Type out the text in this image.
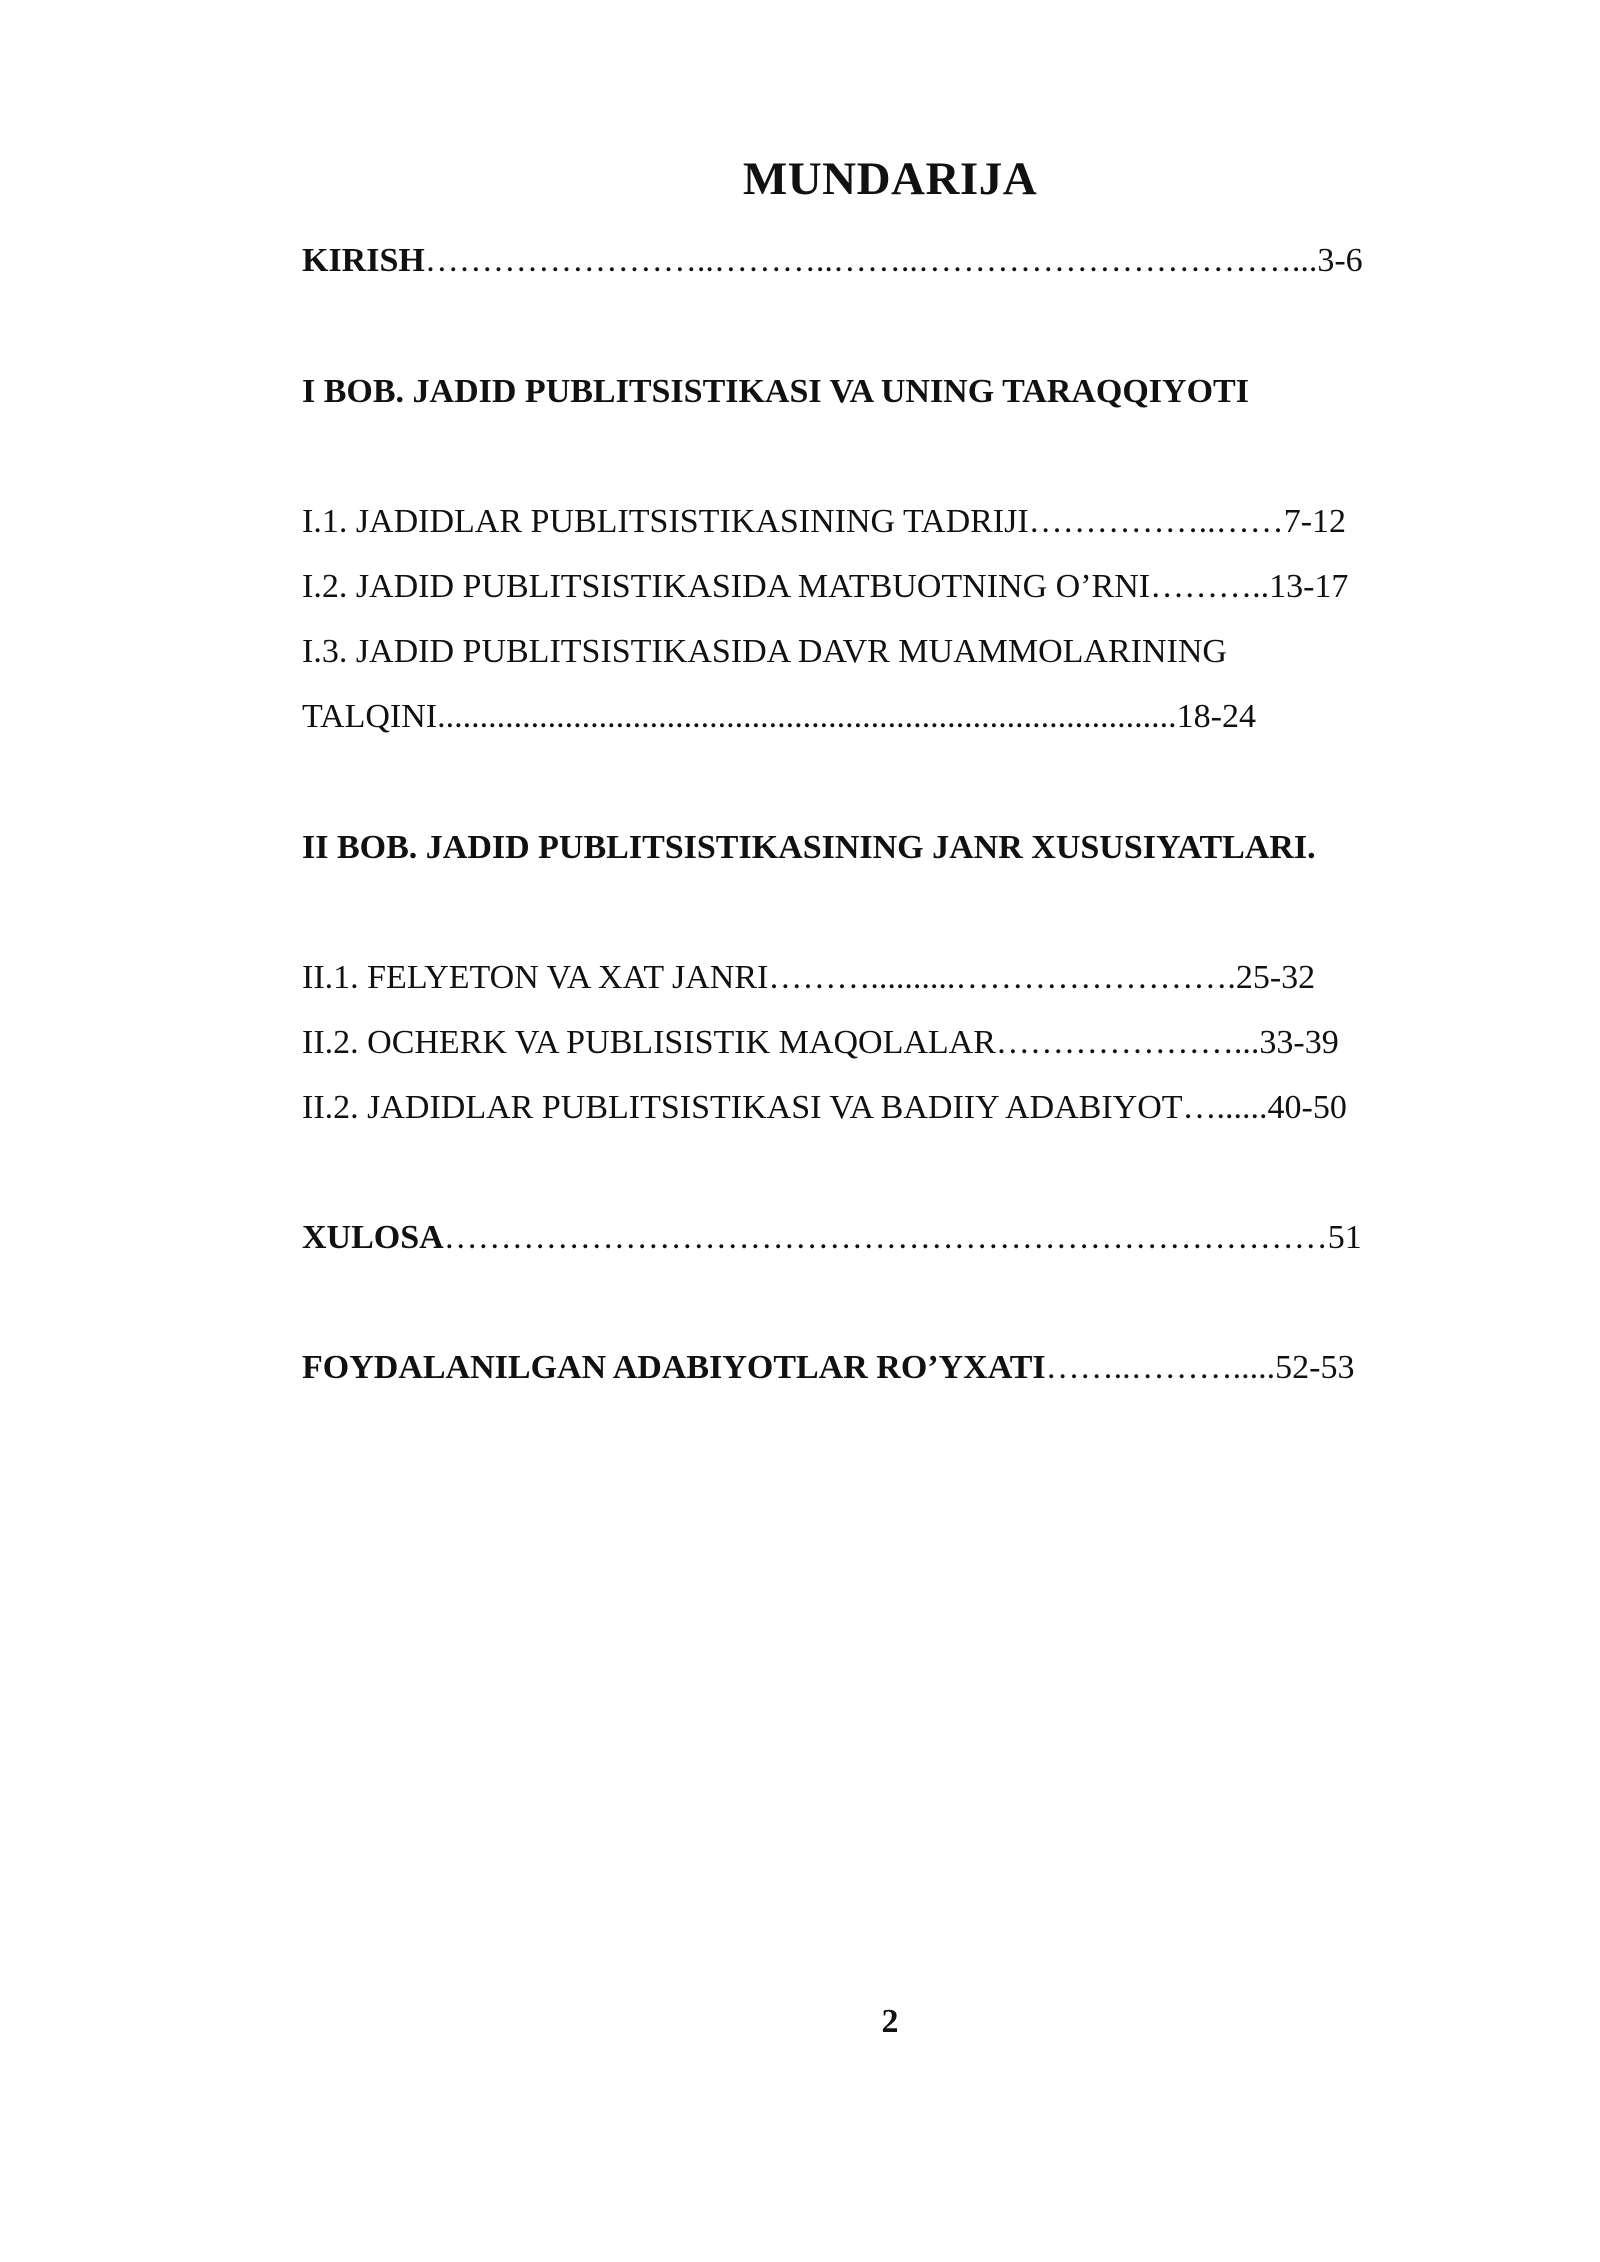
MUNDARIJA
KIRISH……………………..………..……..……………………………...3-6
I BOB. JADID PUBLITSISTIKASI VA UNING TARAQQIYOTI
I.1. JADIDLAR PUBLITSISTIKASINING TADRIJI……………..……7-12
I.2. JADID PUBLITSISTIKASIDA MATBUOTNING O’RNI………..13-17
I.3. JADID PUBLITSISTIKASIDA DAVR MUAMMOLARINING
TALQINI.......................................................................................18-24
II BOB. JADID PUBLITSISTIKASINING JANR XUSUSIYATLARI.
II.1. FELYETON VA XAT JANRI………..........…………………….25-32
II.2. OCHERK VA PUBLISISTIK MAQOLALAR…………………...33-39
II.2. JADIDLAR PUBLITSISTIKASI VA BADIIY ADABIYOT…......40-50
XULOSA……………………………………………………………………51
FOYDALANILGAN ADABIYOTLAR RO’YXATI……..……….....52-53
2
